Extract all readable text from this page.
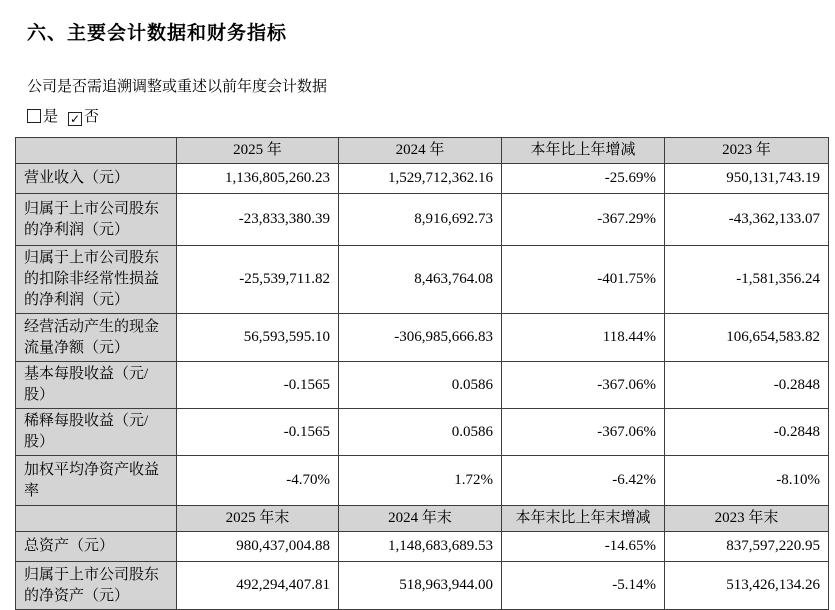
六、主要会计数据和财务指标

公司是否需追溯调整或重述以前年度会计数据

是 ✓ 否

	2025 年	2024 年	本年比上年增减	2023 年
营业收入（元）	1,136,805,260.23	1,529,712,362.16	-25.69%	950,131,743.19
归属于上市公司股东的净利润（元）	-23,833,380.39	8,916,692.73	-367.29%	-43,362,133.07
归属于上市公司股东的扣除非经常性损益的净利润（元）	-25,539,711.82	8,463,764.08	-401.75%	-1,581,356.24
经营活动产生的现金流量净额（元）	56,593,595.10	-306,985,666.83	118.44%	106,654,583.82
基本每股收益（元/股）	-0.1565	0.0586	-367.06%	-0.2848
稀释每股收益（元/股）	-0.1565	0.0586	-367.06%	-0.2848
加权平均净资产收益率	-4.70%	1.72%	-6.42%	-8.10%
	2025 年末	2024 年末	本年末比上年末增减	2023 年末
总资产（元）	980,437,004.88	1,148,683,689.53	-14.65%	837,597,220.95
归属于上市公司股东的净资产（元）	492,294,407.81	518,963,944.00	-5.14%	513,426,134.26
